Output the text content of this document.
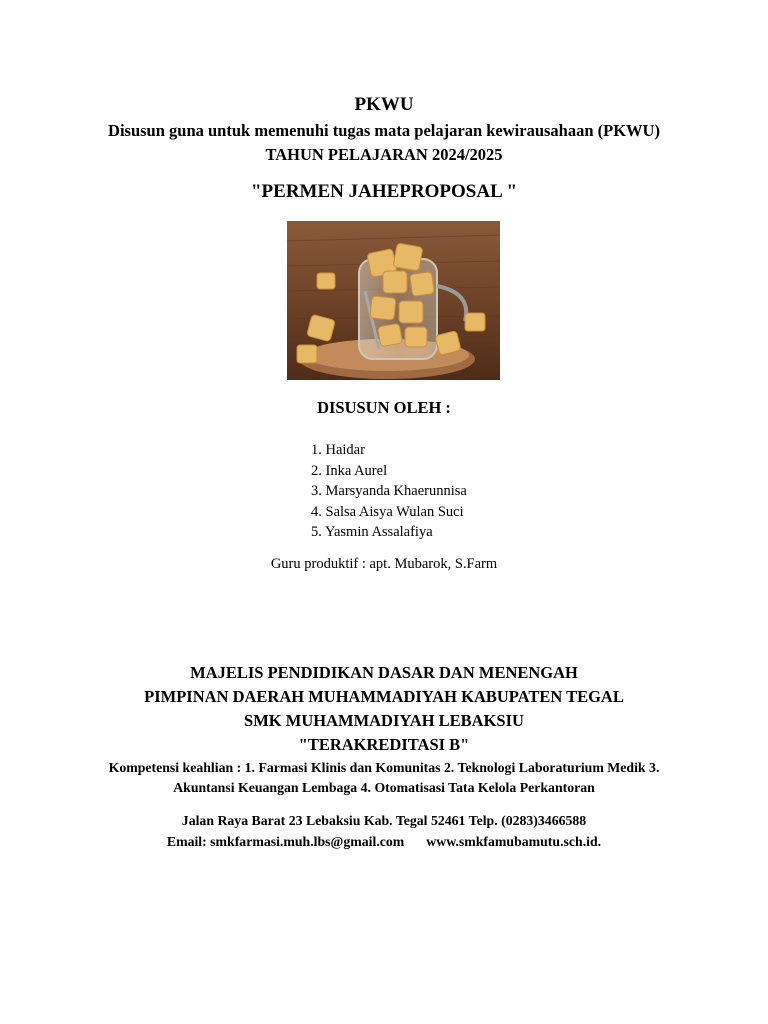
PKWU
Disusun guna untuk memenuhi tugas mata pelajaran kewirausahaan (PKWU)
TAHUN PELAJARAN 2024/2025
"PERMEN JAHEPROPOSAL "
DISUSUN OLEH :
1. Haidar
2. Inka Aurel
3. Marsyanda Khaerunnisa
4. Salsa Aisya Wulan Suci
5. Yasmin Assalafiya
Guru produktif : apt. Mubarok, S.Farm
MAJELIS PENDIDIKAN DASAR DAN MENENGAH
PIMPINAN DAERAH MUHAMMADIYAH KABUPATEN TEGAL
SMK MUHAMMADIYAH LEBAKSIU
"TERAKREDITASI B"
Kompetensi keahlian : 1. Farmasi Klinis dan Komunitas 2. Teknologi Laboraturium Medik 3.
Akuntansi Keuangan Lembaga 4. Otomatisasi Tata Kelola Perkantoran
Jalan Raya Barat 23 Lebaksiu Kab. Tegal 52461 Telp. (0283)3466588
Email: smkfarmasi.muh.lbs@gmail.com www.smkfamubamutu.sch.id.
